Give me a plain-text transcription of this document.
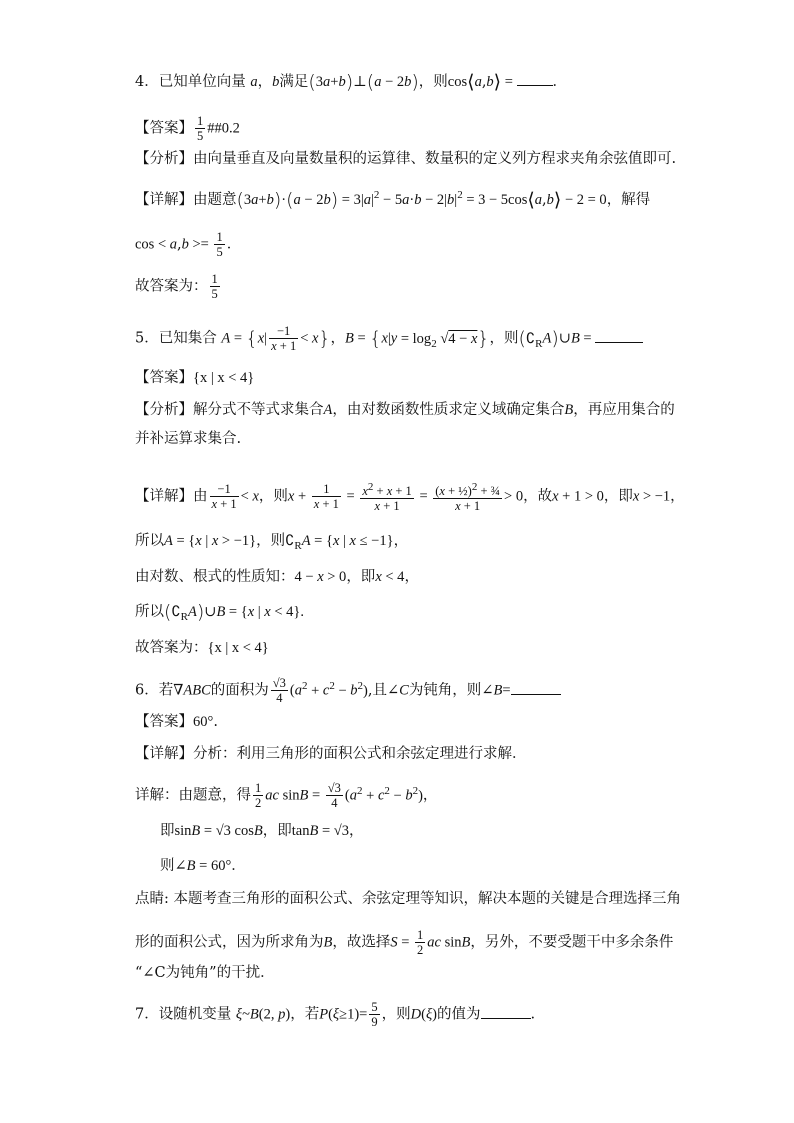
4．已知单位向量 a，b满足(3a+b)⊥(a − 2b)，则cos⟨a,b⟩ = ．
【答案】 $\frac{1}{5}$ ##0.2
【分析】由向量垂直及向量数量积的运算律、数量积的定义列方程求夹角余弦值即可.
【详解】由题意$(3a+b)\cdot(a - 2b) = 3|a|^2 - 5a\cdot b - 2|b|^2 = 3$ − 5cos⟨a,b⟩ − 2 = 0，解得
$\cos < a,b >= \frac{1}{5}$ ．
故答案为： $\frac{1}{5}$
5．已知集合 $A = \{x| \frac{-1}{x + 1} < x\}$，$B = \{x|y = \log_2 √4 - x\}$，则$(∁_RA)\cup B$ =
【答案】{x | x < 4}
【分析】解分式不等式求集合A，由对数函数性质求定义域确定集合B，再应用集合的
并补运算求集合.
【详解】由 $\frac{-1}{x + 1} < x$，则$x + \frac{1}{x + 1} = \frac{x^2 + x + 1}{x + 1} = \frac{(x + \frac{1}{2})^2 + \frac{3}{4}}{x + 1} > 0$，故x + 1 > 0，即x > −1，
所以A = {x | x > −1}，则$∁_RA = \{x$ | x ≤ −1}，
由对数、根式的性质知：4 − x > 0，即x < 4，
所以$(∁_RA)\cup B = \{x$ | x < 4}.
故答案为：{x | x < 4}
6．若∇ABC的面积为 $\frac{√3}{4} (a^2 + c^2 - b^2)$,且∠C为钝角，则∠B=
【答案】60°.
【详解】分析：利用三角形的面积公式和余弦定理进行求解．
详解：由题意，得 $\frac{1}{2}$ ac $\sin B = \frac{√3}{4} (a^2 + c^2 - b^2)$，
即sinB = √3 cosB，即tanB = √3，
则∠B = 60°．
点睛: 本题考查三角形的面积公式、余弦定理等知识，解决本题的关键是合理选择三角
形的面积公式，因为所求角为B，故选择$S = \frac{1}{2}$ ac sinB，另外，不要受题干中多余条件
“∠C为钝角”的干扰．
7．设随机变量 ξ~B(2, p)，若$P(\xi\ge 1)= \frac{5}{9}$ ，则D(ξ)的值为	.
